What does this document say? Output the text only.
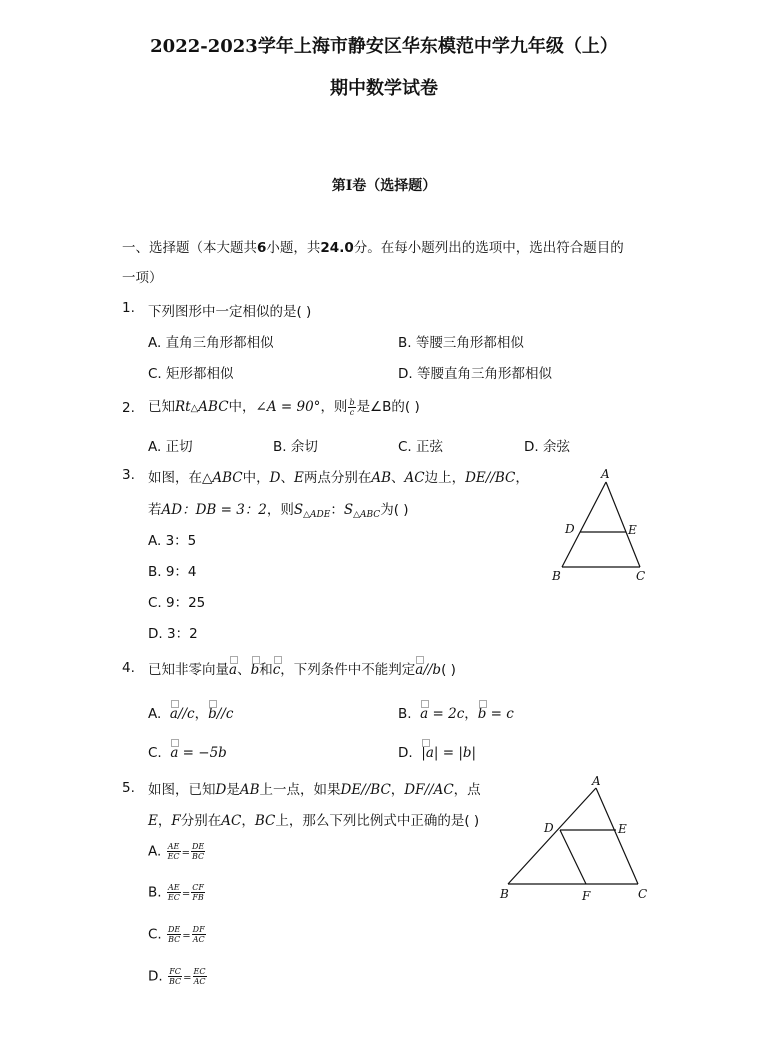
2022-2023学年上海市静安区华东模范中学九年级（上）
期中数学试卷
第I卷（选择题）
一、选择题（本大题共6小题，共24.0分。在每小题列出的选项中，选出符合题目的
一项）
1. 下列图形中一定相似的是( )
A. 直角三角形都相似	B. 等腰三角形都相似
C. 矩形都相似	D. 等腰直角三角形都相似
2. 已知Rt△ABC中，∠A = 90°，则 $\frac{b}{c}$ 是∠B的( )
A. 正切	B. 余切	C. 正弦	D. 余弦
3. 如图，在△ABC中，D、E两点分别在AB、AC边上，DE//BC，
若AD：DB = 3：2，则$S_{\triangle ADE}$：$S_{\triangle ABC}$为( )
A. 3：5
B. 9：4
C. 9：25
D. 3：2
A
B	C
D	E
4. 已知非零向量a、b和c，下列条件中不能判定a//b( )
A. a//c，b//c	B. a = 2c，b = c
C. a = −5b	D. |a| = |b|
5. 如图，已知D是AB上一点，如果DE//BC，DF//AC，点
E，F分别在AC，BC上，那么下列比例式中正确的是( )
A. $\frac{AE}{EC} = \frac{DE}{BC}$
B. $\frac{AE}{EC} = \frac{CF}{FB}$
C. $\frac{DE}{BC} = \frac{DF}{AC}$
D. $\frac{FC}{BC} = \frac{EC}{AC}$
A
B	C
D	E
F
